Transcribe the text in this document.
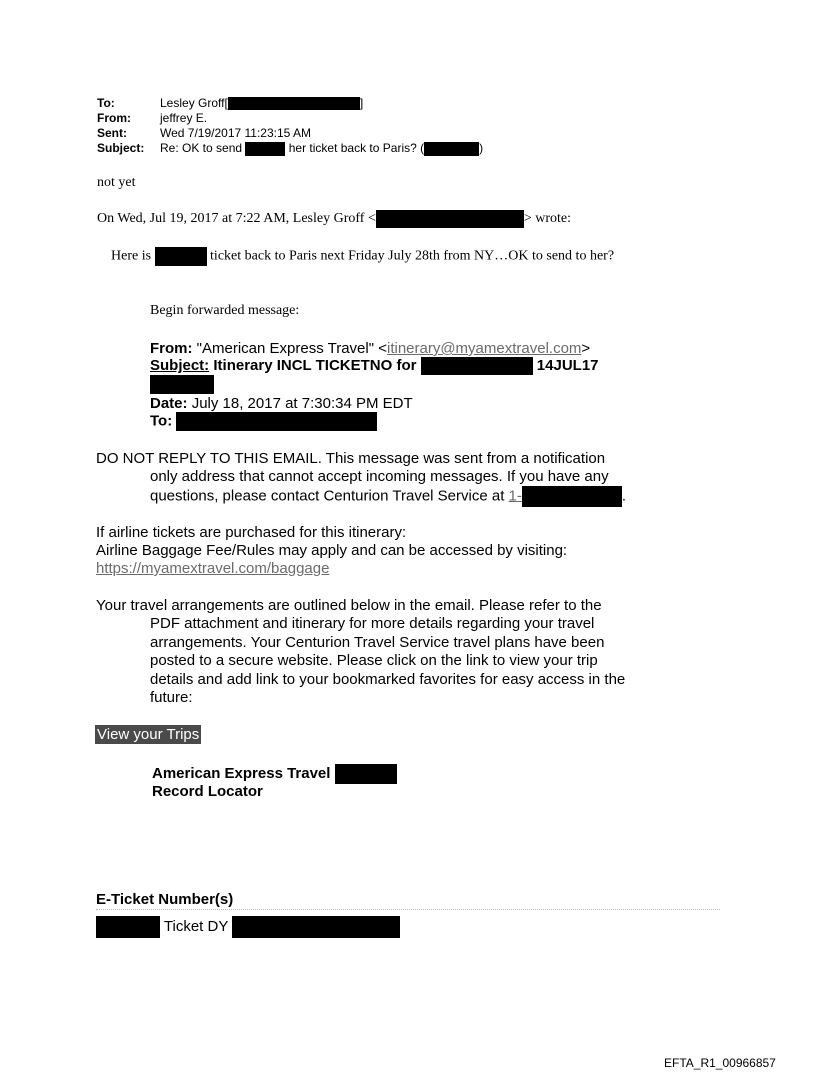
To:	Lesley Groff[	]
From: jeffrey E.
Sent:	Wed 7/19/2017 11:23:15 AM
Subject: Re: OK to send	her ticket back to Paris? (	)
not yet
On Wed, Jul 19, 2017 at 7:22 AM, Lesley Groff <	> wrote:
Here is	ticket back to Paris next Friday July 28th from NY…OK to send to her?
Begin forwarded message:
From: "American Express Travel" <itinerary@myamextravel.com>
Subject: Itinerary INCL TICKETNO for	14JUL17
Date: July 18, 2017 at 7:30:34 PM EDT
To:
DO NOT REPLY TO THIS EMAIL. This message was sent from a notification
only address that cannot accept incoming messages. If you have any
questions, please contact Centurion Travel Service at 1-	.
If airline tickets are purchased for this itinerary:
Airline Baggage Fee/Rules may apply and can be accessed by visiting:
https://myamextravel.com/baggage
Your travel arrangements are outlined below in the email. Please refer to the
PDF attachment and itinerary for more details regarding your travel
arrangements. Your Centurion Travel Service travel plans have been
posted to a secure website. Please click on the link to view your trip
details and add link to your bookmarked favorites for easy access in the
future:
View your Trips
American Express Travel
Record Locator
E-Ticket Number(s)
Ticket DY
EFTA_R1_00966857
